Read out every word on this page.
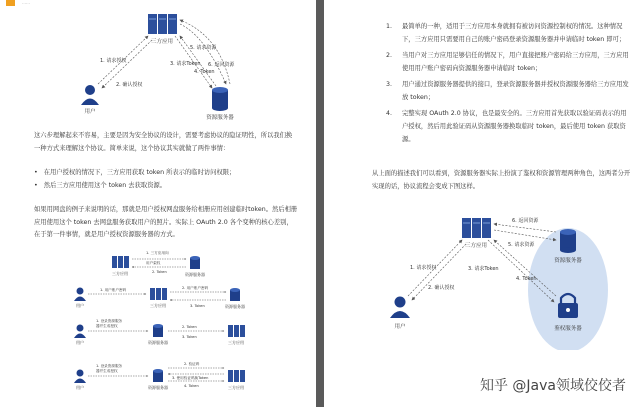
……
三方应用
用户
资源服务器
1. 请求授权
2. 确认授权
3. 请求Token
4. Token
5. 请求资源
6. 返回资源

这六步理解起来不容易，主要是因为安全协议的设计，需要考虑协议的隐证明性，所以我们换一种方式来理解这个协议。简单来说，这个协议其实就做了两件事情：

• 在用户授权的情况下，三方应用获取 token 所表示的临时访问权限；
• 然后三方应用使用这个 token 去获取资源。

如果用网盘的例子来说明的话，那就是用户授权网盘服务给相册应用创建临时token。然后相册应用使用这个 token 去网盘服务获取用户的照片。实际上 OAuth 2.0 各个变种的核心差别，在于第一件事情，就是用户授权资源服务器的方式。

三方应用	资源服务器
1. 三方应用向
用户索权
2. Token
用户	三方应用	资源服务器
1. 用户账户密码	2. 用户账户密码
3. Token
用户	资源服务器	三方应用
1. 登录资源服务
器并生成授权	2. Token
3. Token
用户	资源服务器	三方应用
1. 登录资源服务
器并生成授权
2. 验证码
3. 使用验证码换Token
4. Token
1. 最简单的一种，适用于三方应用本身就拥有被访问资源控制权的情况。这种情况下，三方应用只需要用自己的账户密码登录资源服务器并申请临时 token 即可；
2. 当用户对三方应用足够信任的情况下，用户直接把账户密码给三方应用，三方应用使用用户账户密码向资源服务器申请临时 token；
3. 用户通过资源服务器提供的接口，登录资源服务器并授权资源服务器给三方应用发放 token；
4. 完整实现 OAuth 2.0 协议，也是最安全的。三方应用首先获取以验证码表示的用户授权，然后用此验证码从资源服务器换取临时 token，最后使用 token 获取资源。

从上面的描述我们可以看到，资源服务器实际上扮演了鉴权和资源管理两种角色，这两者分开实现的话，协议流程会变成下图这样。

三方应用
资源服务器
鉴权服务器
用户
1. 请求授权
2. 确认授权
3. 请求Token
4. Token
5. 请求资源
6. 返回资源
知乎 @Java领域佼佼者
